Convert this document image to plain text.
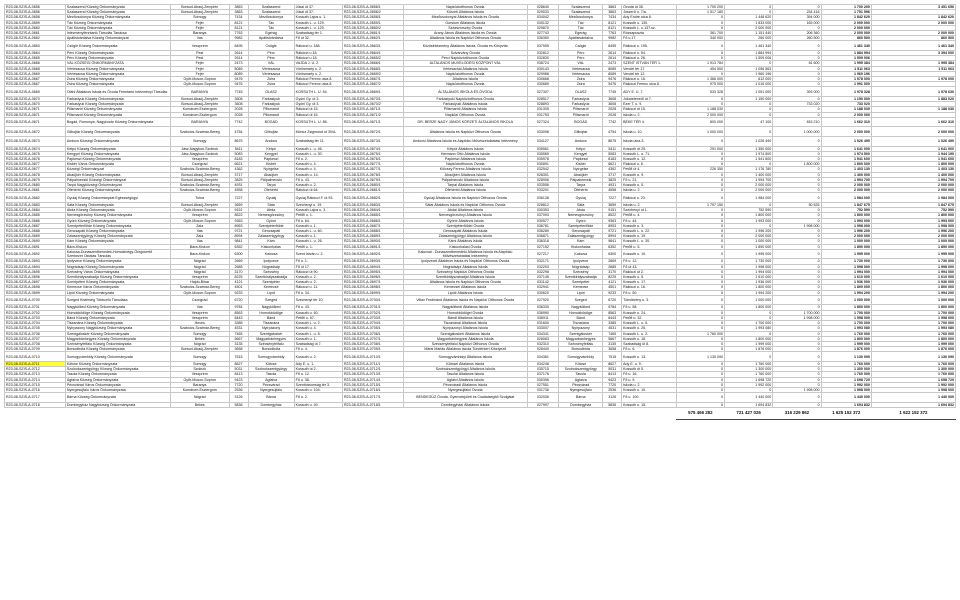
R23-08-SZIS-A-0656	Szalaszend Község Önkormányzata	Borsod-Abaúj-Zemplén	3863	Szalaszend	Jókai út 37.	R23-08-SZIS-A-0656/1	Napköziotthonos Óvoda	028640	Szalaszend	3863	Óvoda út 35.	1 700 200	0	0	1 700 200	3 451 656
R23-08-SZIS-A-0656	Szalaszend Község Önkormányzata	Borsod-Abaúj-Zemplén	3863	Szalaszend	Jókai út 37.	R23-08-SZIS-A-0656/2	Körzeti Általános Iskola	029033	Szalaszend	3863	Jószerű u. 7/a.	1 517 180	0	234 416	1 751 596	
R23-08-SZIS-A-0658	Mezőcsokonya Község Önkormányzata	Somogy	7434	Mezőcsokonya	Kossuth Lajos u. 1.	R23-08-SZIS-A-0658/1	Mezőcsokonyai Általános Iskola és Óvoda	034042	Mezőcsokonya	7434	Ady Endre utca 8.	0	1 448 620	394 000	1 842 620	1 842 620
R23-08-SZIS-A-0659	Tác Község Önkormányzata	Fejér	8121	Tác	Kossuth L. u. 129.	R23-08-SZIS-A-0659/1	Gorsium Általános Iskola	030132	Tác	8121	Kossuth u. 130.	0	1 833 000	165 000	2 000 000	2 000 000
R23-08-SZIS-A-0660	Tác Község Önkormányzata	Fejér	8121	Tác	Kossuth L. u. 129.	R23-08-SZIS-A-0660/2	Százszorszép Óvoda	029870	Tác	8121	Kossuth L. u.137.sz.	0	2 000 000	0	2 000 000	
R23-08-SZIS-A-0661	Intézményfenntartó Társulás Tanácsa	Baranya	7763	Egerág	Szabadság tér 1.	R23-08-SZIS-A-0661/1	Arany János Általános Iskola és Óvoda	027743	Egerág	7763	Rózsapuszta	361 700	1 151 440	206 360	2 000 000	2 000 000
R23-08-SZIS-A-0662	Apátistvánfalva Község Önkormányzat	Vas	9982	Apátistvánfalva	Fő út 32.	R23-08-SZIS-A-0662/1	Általános Iskola és Napközi Otthonos Óvoda	036350	Apátistvánfalva	9982	Fő u.17.	340 000	260 000	260 500	860 500	860 500
R23-08-SZIS-A-0663	Csögle Község Önkormányzata	Veszprém	8495	Csögle	Rákóczi u. 188.	R23-08-SZIS-A-0663/1	Közösintézmény Általános Iskola, Óvoda és Könyvtár	037055	Csögle	8495	Rákóczi u. 195.	0	1 461 340	0	1 461 340	1 461 340
R23-08-SZIS-A-0664	Pérc Község Önkormányzata	Pest	2614	Pérc	Rákóczi u 18.	R23-08-SZIS-A-0664/1	Szivárvány Óvoda	032812	Pérc	2614	Rákóczi u. 54.	0	1 884 994	0	1 884 994	3 394 000
R23-08-SZIS-A-0665	Pérc Község Önkormányzata	Pest	2614	Pérc	Rákóczi u 18.	R23-08-SZIS-A-0665/2	Pérci Napköziotthonos Óvoda	032830	Pérc	2614	Rákóczi u. 26.	0	1 509 006	0	1 509 006	
R23-08-SZIS-A-0666	VÁL KÖZSÉGI ÖNKORMÁNYZATA	Fejér	2473	VÁL	VAJDA J. U. 2.	R23-08-SZIS-A-0666/1	ÁLTALÁNOS MŰVELŐDÉSI KÖZPONT VÁL	038724	VÁL	2473	SZENT ISTVÁN TÉR 1.	1 913 784	0	81 600	1 995 384	1 995 384
R23-08-SZIS-A-0668	Vértesacsa Község Önkormányzata	Fejér	8089	Vértesacsa	Vörösmarty u. 2.	R23-08-SZIS-A-0668/1	Vértesacsai Általános Iskola	030143	Vértesacsa	8089	Vendel tér 17.	454 500	1 056 563	0	1 511 063	1 511 063
R23-08-SZIS-A-0669	Vértesacsa Község Önkormányzata	Fejér	8089	Vértesacsa	Vörösmarty u. 2.	R23-08-SZIS-A-0669/2	Napköziotthonos Óvoda	029988	Vértesacsa	8089	Vendel tér 12.	0	1 960 196	0	1 960 196	
R23-08-SZIS-A-0667	Zsira Község Önkormányzata	Győr-Moson-Sopron	9476	Zsira	Rákóczi Ferenc utca 8.	R23-08-SZIS-A-0667/1	Általános Iskola	030668	Zsira	9476	Rákóczi u. 16.	1 366 000	612 000	0	1 978 000	1 978 000
R23-08-SZIS-A-0667	Zsira Község Önkormányzata	Győr-Moson-Sopron	9476	Zsira	Rákóczi Ferenc utca 8.	R23-08-SZIS-A-0667/2	Napköziotthonos Óvoda	030669	Zsira	9476	Rákóczi Ferenc utca 8.	975 000	1 016 000	0	1 991 000	
R23-08-SZIS-A-0669	Oláhi Általános Iskola és Óvoda Fenntartó Intézményi Társulás	BARANYA	7745	OLASZ	KOSSUTH L. U. 54.	R23-08-SZIS-A-0669/1	ÁLTALÁNOS ISKOLA ÉS ÓVODA	027307	OLASZ	7745	ADY E. U. 7.	533 328	1 051 000	393 000	1 978 328	1 978 630
R23-08-SZIS-A-0670	Farkaslyuk Község Önkormányzata	Borsod-Abaúj-Zemplén	3608	Farkaslyuk	Gyóni Gy. út 3.	R23-08-SZIS-A-0670/1	Farkaslyuki Napköziotthonos Óvoda	028517	Farkaslyuk	3608	Jókaretenelő út 7.	0	1 150 000	0	1 150 000	1 883 020
R23-08-SZIS-A-0670	Farkaslyuk Község Önkormányzata	Borsod-Abaúj-Zemplén	3608	Farkaslyuk	Gyóni Gy. út 3.	R23-08-SZIS-A-0670/2	Farkaslyuki Általános Iskola	028893	Farkaslyuk	3608	Ezer T. u. 9.	0	0	733 020	733 020	
R23-08-SZIS-A-0671	Pilismarót Község Önkormányzata	Komárom-Esztergom	2028	Pilismarót	Rákóczi út 15.	R23-08-SZIS-A-0671/1	Pilismaróti Általános Iskola	031305	Pilismarót	2028	Rákóczi út 15.	1 188 030	0	0	1 188 030	1 188 030
R23-08-SZIS-A-0671	Pilismarót Község Önkormányzata	Komárom-Esztergom	2028	Pilismarót	Rákóczi út 15.	R23-08-SZIS-A-0671/2	Napközi Otthonos Óvoda	031753	Pilismarót	2028	Iskola u. 2.	2 000 000	0	0	2 000 000	
R23-08-SZIS-A-0671	Bogád, Romonya, Nagykozár Község Önkormányzata	BARANYA	7742	BOGÁD	KOSSUTH L. U. 86.	R23-08-SZIS-A-0671/1	DR. BERZE NAGY JÁNOS KÖRZETI ÁLTALÁNOS ISKOLA	027324	BOGÁD	7742	BÉKE TÉR 4.	800 000	47 100	815 210	1 662 310	1 662 310
R23-08-SZIS-A-0672	Gilbojtár Község Önkormányzata	Szabolcs-Szatmár-Bereg	4754	Gilbojtár	Móricz Zsigmond út 30/A.	R23-08-SZIS-A-0672/1	Általános Iskola és Napközi Otthonos Óvoda	033098	Gilbojtár	4754	Iskola u. 10.	1 000 000	0	1 000 000	2 000 000	2 000 000
R23-08-SZIS-A-0673	Andocs Községi Önkormányzata	Somogy	8675	Andocs	Szabadság tér 11.	R23-08-SZIS-A-0673/1	Andocsi Általános Iskola és Alapfokú Művészetoktatási Intézmény	034127	Andocs	8675	Iskola utca 3.	0	1 026 490	0	1 026 490	1 026 490
R23-08-SZIS-A-0674	Kétpó Község Önkormányzata	Jász-Nagykun-Szolnok	5411	Kétpó	Kossuth L. u. 46.	R23-08-SZIS-A-0674/1	Kétpói Általános Iskola	035561	Kétpó	5411	Kossuth út 25.	291 000	1 350 000	0	1 641 000	1 641 000
R23-08-SZIS-A-0675	Kengyel Község Önkormányzata	Jász-Nagykun-Szolnok	5083	Kengyel	Kossuth L. u. 30.	R23-08-SZIS-A-0675/1	Hermann Ottó Általános Iskola	035565	Kengyel	5083	Kossuth L. u. 71.	0	1 974 500	0	1 974 500	1 944 190
R23-08-SZIS-A-0676	Papkeszi Község Önkormányzata	Veszprém	8183	Papkeszi	Fő u. 2.	R23-08-SZIS-A-0676/1	Papkeszi Általános Iskola	035978	Papkeszi	8183	Kossuth u. 12.	0	1 541 600	0	1 541 600	1 541 600
R23-08-SZIS-A-0677	Kisbér Város Önkormányzata	Csongrád	6621	Kisbér	Kossuth u. 4.	R23-08-SZIS-A-0677/1	Napköziotthonos Óvoda	030891	Kisbér	6621	Rákóczi u. 6.	0	0	1 800 000	1 800 000	1 800 000
R23-08-SZIS-A-0677	Kózségi Önkormányzat	Szabolcs-Szatmár-Bereg	4362	Nyírgelse	Kossuth u. 4.	R23-08-SZIS-A-0677/1	Kölcsey Ferenc Általános Iskola	032542	Nyírgelse	4362	Petőfi út 4.	226 350	1 176 780	0	1 403 130	1 403 130
R23-08-SZIS-A-0678	Abaújkér Község Önkormányzata	Borsod-Abaúj-Zemplén	3717	Abaújkér	Kossuth u. 14.	R23-08-SZIS-A-0678/1	Abaújkéri Általános Iskola	028301	Abaújkér	3717	Kossuth u. 9.	0	1 400 000	0	1 400 000	1 400 000
R23-08-SZIS-A-0679	Pálpalmecski Községi Önkormányzat	Borsod-Abaúj-Zemplén	3825	Pálpalmecski	Fő u. 43.	R23-08-SZIS-A-0679/1	Pálpalmecski Általános Iskola	028906	Pálpalmecski	3825	Fő u. 21.	0	1 994 700	0	1 994 700	1 994 700
R23-08-SZIS-A-0680	Tarpa Nagyközségi Önkormányzat	Szabolcs-Szatmár-Bereg	4931	Tarpa	Kossuth u. 2.	R23-08-SZIS-A-0680/1	Tarpai Általános Iskola	033556	Tarpa	4931	Kossuth u. 5.	0	2 000 000	0	2 000 000	2 000 000
R23-08-SZIS-A-0681	Ófehértó Község Önkormányzata	Szabolcs-Szatmár-Bereg	4558	Ófehértó	Rákóczi út 64.	R23-08-SZIS-A-0681/1	Ófehértói Általános Iskola	033201	Ófehértó	4558	Iskola u. 2.	0	2 000 000	0	2 000 000	2 000 000
R23-08-SZIS-A-0682	Gyulaj Község Önkormányzat Egészségügyi	Tolna	7227	Gyulaj	Gyulaj Rákóczi F. út 93.	R23-08-SZIS-A-0682/1	Gyulaji Általános Iskola és Napközi Otthonos Óvoda	036138	Gyulaj	7227	Rákóczi u. 23.	0	1 984 000	0	1 984 000	1 984 000
R23-08-SZIS-A-0683	Sáta Község Önkormányzata	Borsod-Abaúj-Zemplén	3659	Sáta	Széchenyi u. 19.	R23-08-SZIS-A-0683/1	Sátai Általános Iskola és Napközi Otthonos Óvoda	028812	Sáta	3659	Iskola u. 2.	1 797 150	0	50 525	1 847 675	1 847 675
R23-08-SZIS-A-0684	Abda Község Önkormányzata	Győr-Moson-Sopron	9151	Abda	Kossuth Lajos u. 3.	R23-08-SZIS-A-0684/1	Abdai Általános Iskola	030353	Abda	9151	Széchenyi út 1.	0	752 590	0	752 590	752 590
R23-08-SZIS-A-0685	Nemesgörzsöny Község Önkormányzata	Veszprém	8522	Nemesgörzsöny	Petőfi u. 1.	R23-08-SZIS-A-0685/1	Nemesgörzsönyi Általános Iskola	037093	Nemesgörzsöny	8522	Petőfi u. 4.	0	1 800 000	0	1 800 000	1 800 000
R23-08-SZIS-A-0686	Gyóró Község Önkormányzata	Győr-Moson-Sopron	9363	Gyóró	Fő u. 64.	R23-08-SZIS-A-0686/1	Gyórói Általános Iskola	030577	Gyóró	9363	Fő u. 44.	0	1 993 000	0	1 993 000	1 993 000
R23-08-SZIS-A-0687	Szentpéterfölde Község Önkormányzata	Zala	8953	Szentpéterfölde	Kossuth u. 1.	R23-08-SZIS-A-0687/1	Szentpéterföldei Óvoda	036781	Szentpéterfölde	8953	Kossuth u. 3.	0	0	1 998 000	1 998 000	1 998 000
R23-08-SZIS-A-0688	Gencsapáti Község Önkormányzata	Vas	9721	Gencsapáti	Kossuth L. u. 60.	R23-08-SZIS-A-0688/1	Gencsapáti Általános Iskola	036289	Gencsapáti	9721	Kossuth L. u. 22.	0	1 996 200	0	1 996 200	1 996 200
R23-08-SZIS-A-0689	Zalaszentgyörgy Község Önkormányzata	Zala	8994	Zalaszentgyörgy	Kossuth u. 1.	R23-08-SZIS-A-0689/1	Zalaszentgyörgyi Általános Iskola	036871	Zalaszentgyörgy	8994	Kossuth u. 19.	0	2 000 000	0	2 000 000	2 000 000
R23-08-SZIS-A-0690	Kám Község Önkormányzata	Vas	9841	Kám	Kossuth L. u. 26.	R23-08-SZIS-A-0690/1	Kámi Általános Iskola	036318	Kám	9841	Kossuth L. u. 30.	0	1 000 000	0	1 000 000	1 000 000
R23-08-SZIS-A-0691	Bács-Kiskun	Bács-Kiskun	6352	Kiskunhalas	Petőfi u. 1.	R23-08-SZIS-A-0691/1	Kiskunhalasi Óvoda	027152	Kiskunhalas	6352	Petőfi u. 5.	0	1 890 000	0	1 890 000	1 890 000
R23-08-SZIS-A-0692	Kalocsa-Dunaszentbenedek-Homokmégy-Öregcsertő Szerkezet Oktatás Társulás	Bács-Kiskun	6300	Kalocsa	Szent István u. 2.	R23-08-SZIS-A-0692/1	Kalocsai - Dunaszentbenedeki Általános Iskola és Alapfokú Művészetoktatási Intézmény	027217	Kalocsa	6300	Kossuth u. 10.	0	1 995 000	0	1 995 000	1 995 000
R23-08-SZIS-A-0693	Ipolyvece Község Önkormányzata	Nógrád	2669	Ipolyvece	Fő u. 1.	R23-08-SZIS-A-0693/1	Ipolyvecei Általános Iskola és Napközi Otthonos Óvoda	032171	Ipolyvece	2669	Fő u. 12.	0	1 730 000	0	1 730 000	1 730 000
R23-08-SZIS-A-0694	Nógrádsáp Község Önkormányzata	Nógrád	2685	Nógrádsáp	Fő út 17.	R23-08-SZIS-A-0694/1	Nógrádsápi Általános Iskola	032203	Nógrádsáp	2685	Fő út 43.	0	1 998 000	0	1 998 000	1 998 000
R23-08-SZIS-A-0695	Szécsény Város Önkormányzata	Nógrád	3170	Szécsény	Rákóczi út 90.	R23-08-SZIS-A-0695/1	Szécsényi Napközi Otthonos Óvoda	032298	Szécsény	3170	Rákóczi út 2.	0	1 994 000	0	1 994 000	1 994 000
R23-08-SZIS-A-0696	Szentkirályszabadja Község Önkormányzata	Veszprém	8225	Szentkirályszabadja	Kossuth u. 2.	R23-08-SZIS-A-0696/1	Szentkirályszabadjai Általános Iskola	037145	Szentkirályszabadja	8225	Kossuth u. 5.	0	1 610 000	0	1 610 000	1 610 000
R23-08-SZIS-A-0697	Szentpéteri Község Önkormányzata	Hajdú-Bihar	4121	Szentpéter	Kossuth u. 2.	R23-08-SZIS-A-0697/1	Általános Iskola és Napközi Otthonos Óvoda	031142	Szentpéter	4121	Kossuth u. 17.	0	1 936 000	0	1 936 000	1 936 000
R23-08-SZIS-A-0698	Kemecse Város Önkormányzata	Szabolcs-Szatmár-Bereg	4501	Kemecse	Rákóczi u. 11.	R23-08-SZIS-A-0698/1	Kemecsei Általános Iskola	032941	Kemecse	4501	Rákóczi u. 16.	0	1 800 000	0	1 800 000	1 800 000
R23-08-SZIS-A-0699	Lipót Község Önkormányzata	Győr-Moson-Sopron	9233	Lipót	Fő u. 34.	R23-08-SZIS-A-0699/1	Lipóti Általános Iskola	030620	Lipót	9233	Fő u. 50.	0	1 994 200	0	1 994 200	1 994 200
R23-08-SZIS-A-0700	Szeged Kistérség Többcélú Társulása	Csongrád	6720	Szeged	Széchenyi tér 10.	R23-08-SZIS-A-0700/1	Villax Ferdinánd Általános Iskola és Napközi Otthonos Óvoda	027920	Szeged	6720	Tömörkény u. 3.	0	1 000 000	0	1 000 000	1 000 000
R23-08-SZIS-A-0701	Nagykölked Község Önkormányzata	Vas	9784	Nagykölked	Fő u. 43.	R23-08-SZIS-A-0701/1	Nagykölkedi Általános Iskola	036330	Nagykölked	9784	Fő u. 58.	0	1 800 000	0	1 800 000	1 800 000
R23-08-SZIS-A-0702	Homokbödöge Község Önkormányzata	Veszprém	8563	Homokbödöge	Kossuth u. 60.	R23-08-SZIS-A-0702/1	Homokbödögei Óvoda	036990	Homokbödöge	8563	Kossuth u. 24.	0	0	1 700 000	1 700 000	1 700 000
R23-08-SZIS-A-0703	Bánd Község Önkormányzata	Veszprém	8443	Bánd	Petőfi u. 67.	R23-08-SZIS-A-0703/1	Bándi Általános Iskola	036911	Bánd	8443	Petőfi u. 32.	0	0	1 998 000	1 998 000	1 998 000
R23-08-SZIS-A-0704	Tiszanána Község Önkormányzata	Heves	3385	Tiszanána	Kossuth L. u. 2.	R23-08-SZIS-A-0704/1	Tiszanánai Általános Iskola	031600	Tiszanána	3385	Kossuth L. u. 5.	0	1 700 000	0	1 700 000	1 700 000
R23-08-SZIS-A-0705	Nyírpazony Nagyközség Önkormányzata	Szabolcs-Szatmár-Bereg	4531	Nyírpazony	Kossuth u. 4.	R23-08-SZIS-A-0705/1	Nyírpazonyi Általános Iskola	033007	Nyírpazony	4531	Kossuth u. 26.	0	1 993 080	0	1 993 080	1 993 080
R23-08-SZIS-A-0706	Szentgáloskér Község Önkormányzata	Somogy	7465	Szentgáloskér	Kossuth L. u. 8.	R23-08-SZIS-A-0706/1	Szentgáloskéri Általános Iskola	034341	Szentgáloskér	7465	Kossuth L. u. 2.	1 760 000	0	0	1 760 000	1 760 000
R23-08-SZIS-A-0707	Magyarbánhegyes Község Önkormányzata	Békés	5667	Magyarbánhegyes	Kossuth u. 1.	R23-08-SZIS-A-0707/1	Magyarbánhegyesi Általános Iskola	028083	Magyarbánhegyes	5667	Kossuth u. 18.	0	1 800 000	0	1 800 000	1 800 000
R23-08-SZIS-A-0708	Szécsényfelfalu Község Önkormányzata	Nógrád	3135	Szécsényfelfalu	Szabadság út 7.	R23-08-SZIS-A-0708/1	Szécsényfelfalui Napközi Otthonos Óvoda	032310	Szécsényfelfalu	3135	Szabadság út 8.	0	1 999 000	0	1 999 000	1 999 000
R23-08-SZIS-A-0709	Borsodbóta Község Önkormányzata	Borsod-Abaúj-Zemplén	3658	Borsodbóta	Fő u. 4.	R23-08-SZIS-A-0709/1	Márai Máriás Általános Iskola Tündérkert Kihelyező	028440	Borsodbóta	3658	Fő u. 6.	0	1 876 000	0	1 876 000	1 876 000
R23-08-SZIS-A-0710	Somogyvámhidy Község Önkormányzata	Somogy	7515	Somogyvámhidy	Kossuth u. 2.	R23-08-SZIS-A-0710/1	Somogyvámhidyi Általános Iskola	034361	Somogyvámhidy	7515	Kossuth u. 13.	1 130 090	0	0	1 130 090	1 130 090
R23-08-SZIS-A-0711	Kötcse Község Önkormányzata	Somogy	8627	Kötcse	Ady E. u. 1.	R23-08-SZIS-A-0711/1	Kötcsei Általános Iskola	034246	Kötcse	8627	Ady E. u. 9.	0	1 760 000	0	1 760 000	1 760 000
R23-08-SZIS-A-0712	Szolnokszentgyörgy Község Önkormányzata	Szolnok	5031	Szolnokszentgyörgy	Kossuth út 2.	R23-08-SZIS-A-0712/1	Szolnokszentgyörgyi Általános Iskola	035715	Szolnokszentgyörgy	5031	Kossuth út 5.	0	1 300 000	0	1 300 000	1 300 000
R23-08-SZIS-A-0713	Tasola Község Önkormányzata	Veszprém	8413	Tasola	Fő u. 12.	R23-08-SZIS-A-0713/1	Tasolai Általános Iskola	037176	Tasola	8413	Fő u. 16.	0	1 760 000	0	1 760 000	1 760 000
R23-08-SZIS-A-0714	Ágfalva Község Önkormányzata	Győr-Moson-Sopron	9423	Ágfalva	Fő u. 38.	R23-08-SZIS-A-0714/1	Ágfalvi Általános Iskola	030396	Ágfalva	9423	Fő u. 9.	0	1 698 720	0	1 698 720	1 698 720
R23-08-SZIS-A-0715	Pécsvárad Város Önkormányzata	Baranya	7720	Pécsvárad	Szentháromság tér 3.	R23-08-SZIS-A-0715/1	Pécsváradi Általános Iskola	027551	Pécsvárad	7720	Iskola u. 2.	0	1 992 000	0	1 992 000	1 992 000
R23-08-SZIS-A-0716	Nyergesújfalu Város Önkormányzata	Komárom-Esztergom	2536	Nyergesújfalu	Kossuth u. 104.	R23-08-SZIS-A-0716/1	Nyergesújfalui Óvoda	031736	Nyergesújfalu	2536	Kossuth u. 10.	0	0	1 998 000	1 998 000	1 998 000
R23-08-SZIS-A-0717	Bárna Község Önkormányzata	Nógrád	3126	Bárna	Fő u. 2.	R23-08-SZIS-A-0717/1	BENDEGÚZ Óvoda, Gyermekjóléti és Családsegítő Szolgálat	032036	Bárna	3126	Fő u. 100.	0	1 440 000	0	1 440 000	1 440 000
R23-08-SZIS-A-0718	Dombegyház Nagyközség Önkormányzata	Békés	5836	Dombegyház	Kossuth u. 40.	R23-08-SZIS-A-0718/1	Dombegyházi Általános Iskola	027997	Dombegyház	5836	Kossuth u. 15.	0	1 694 832	0	1 694 832	1 694 832
												575 466 282	721 427 026	316 229 862	1 625 152 372	1 622 152 372
